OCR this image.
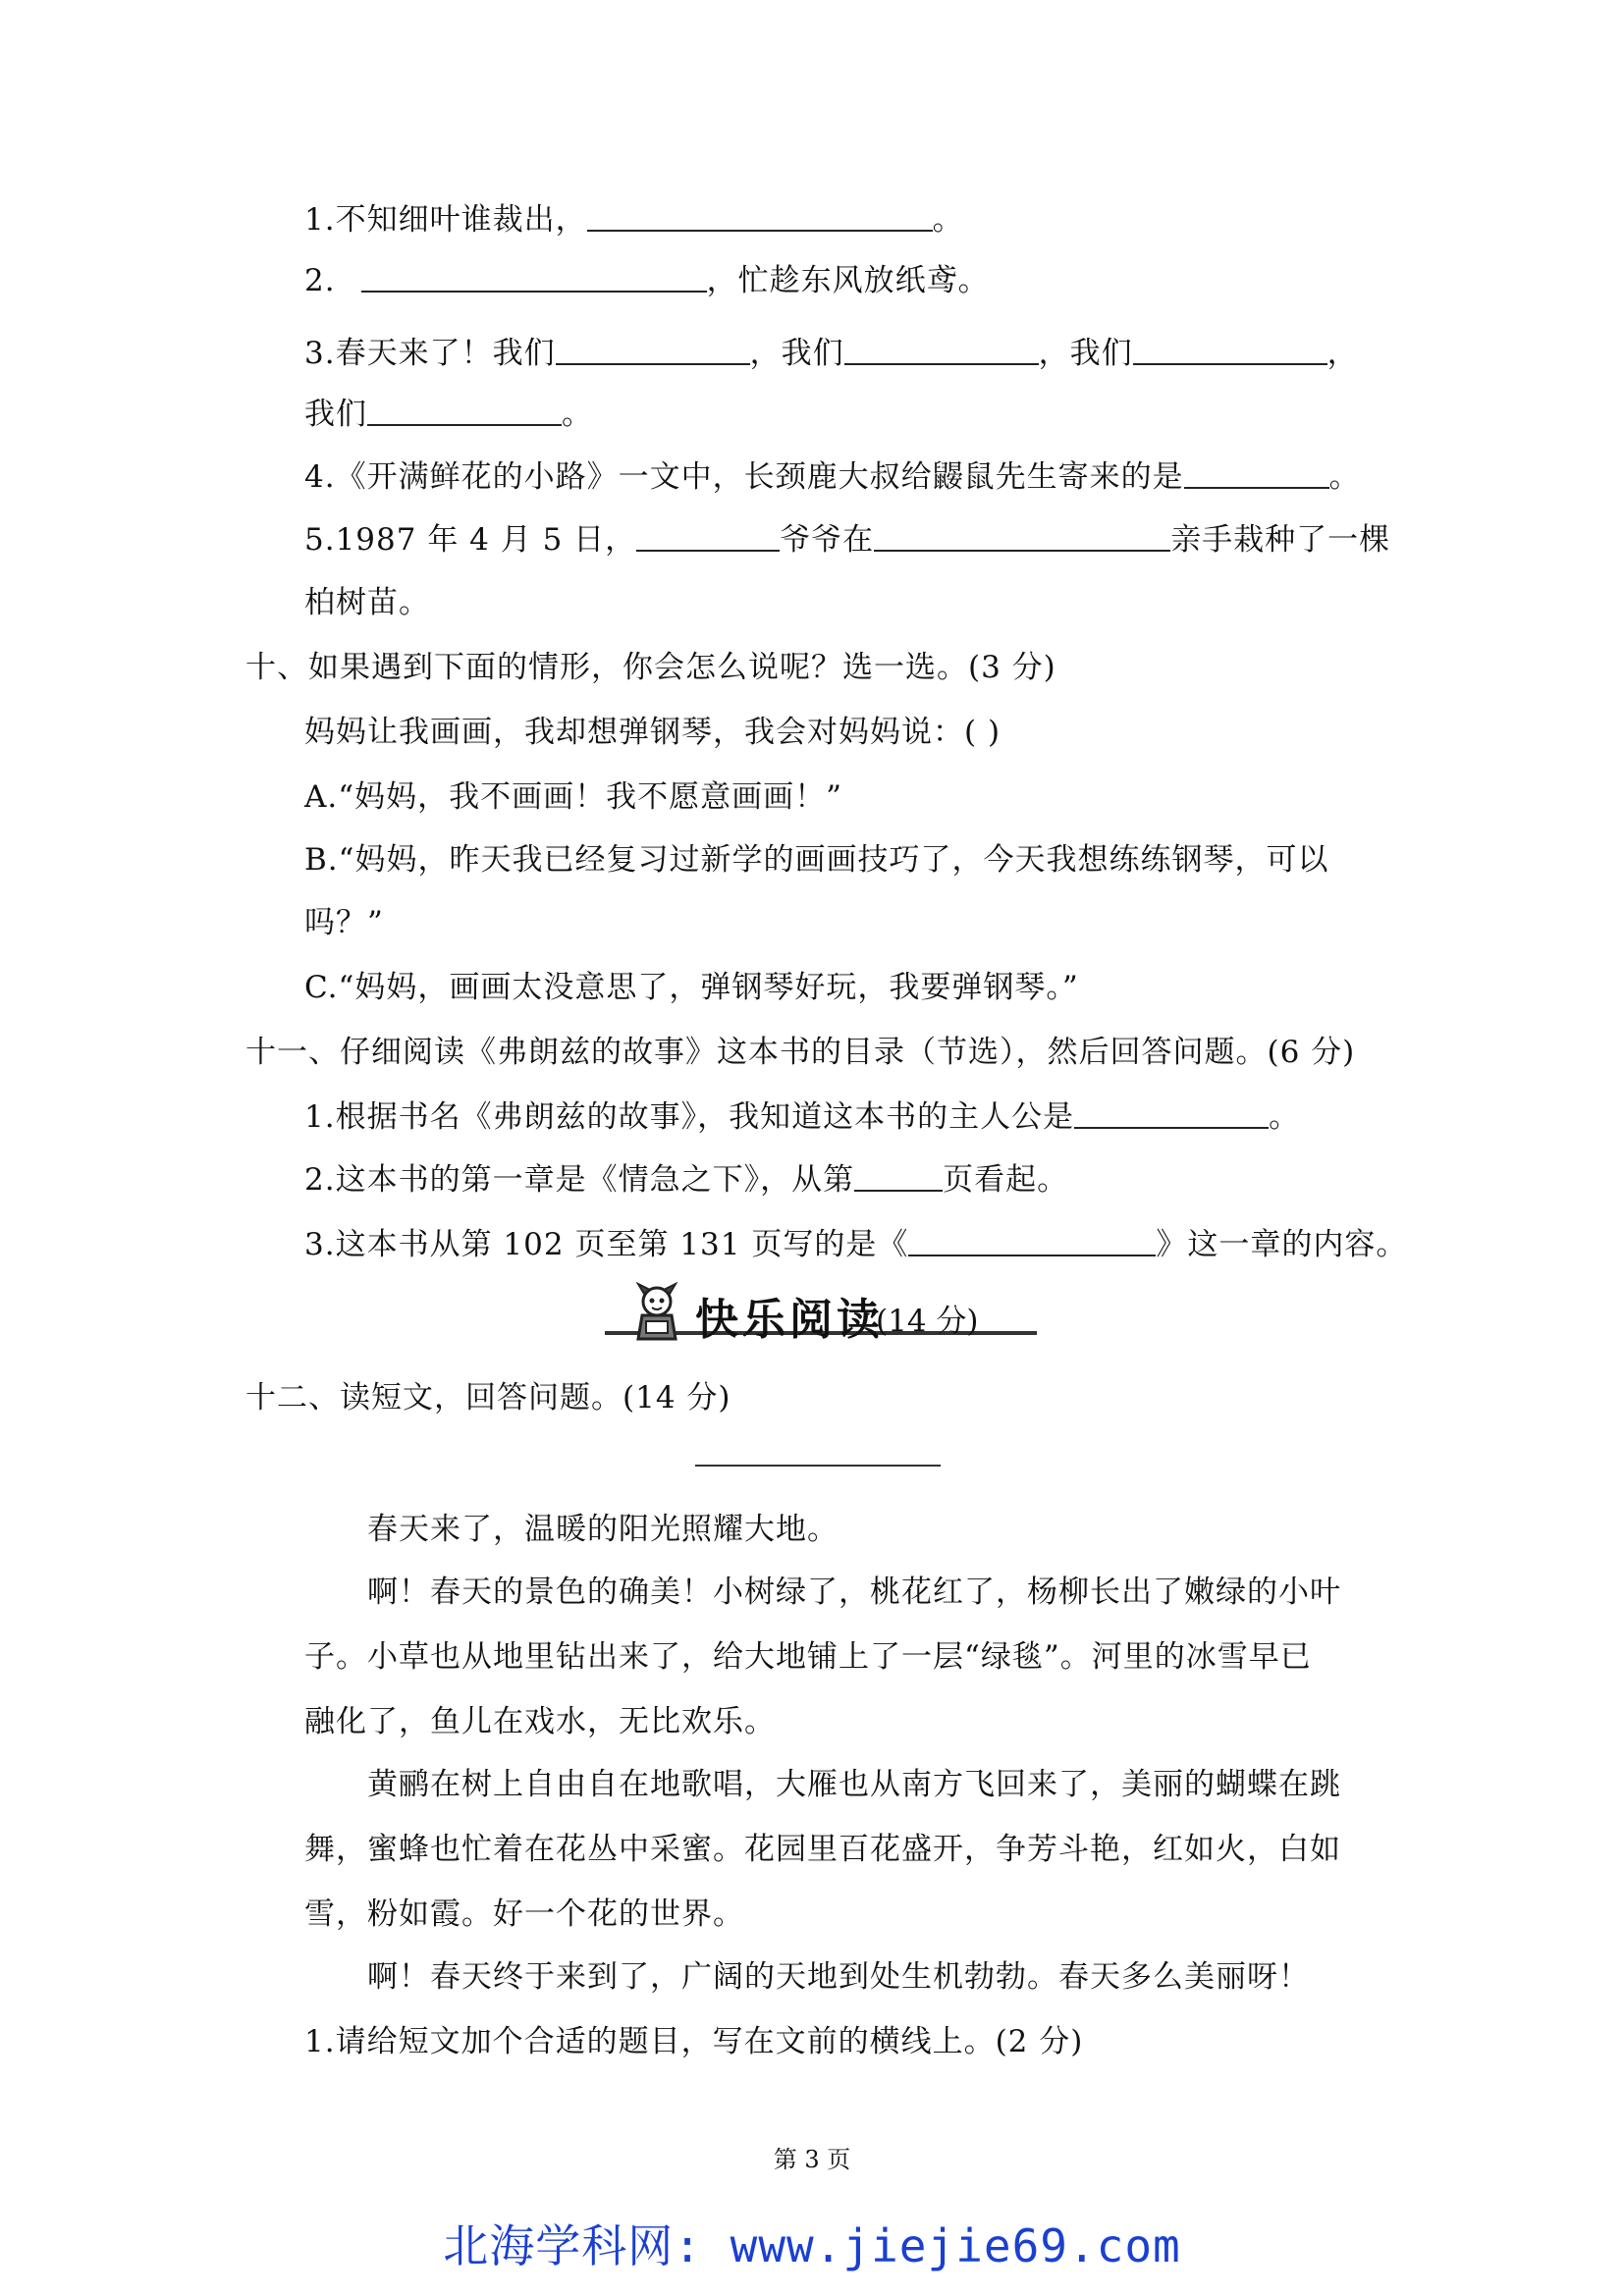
1.不知细叶谁裁出，	。
2.	，忙趁东风放纸鸢。
3.春天来了！我们	，我们	，我们	，
我们	。
4.《开满鲜花的小路》一文中，长颈鹿大叔给鼹鼠先生寄来的是	。
5.1987 年 4 月 5 日，	爷爷在	亲手栽种了一棵
柏树苗。
十、如果遇到下面的情形，你会怎么说呢？选一选。(3 分)
妈妈让我画画，我却想弹钢琴，我会对妈妈说：( )
A.“妈妈，我不画画！我不愿意画画！”
B.“妈妈，昨天我已经复习过新学的画画技巧了，今天我想练练钢琴，可以
吗？”
C.“妈妈，画画太没意思了，弹钢琴好玩，我要弹钢琴。”
十一、仔细阅读《弗朗兹的故事》这本书的目录（节选），然后回答问题。(6 分)
1.根据书名《弗朗兹的故事》，我知道这本书的主人公是	。
2.这本书的第一章是《情急之下》，从第	页看起。
3.这本书从第 102 页至第 131 页写的是《	》这一章的内容。
快乐阅读
(14 分)
十二、读短文，回答问题。(14 分)
春天来了，温暖的阳光照耀大地。
啊！春天的景色的确美！小树绿了，桃花红了，杨柳长出了嫩绿的小叶
子。小草也从地里钻出来了，给大地铺上了一层“绿毯”。河里的冰雪早已
融化了，鱼儿在戏水，无比欢乐。
黄鹂在树上自由自在地歌唱，大雁也从南方飞回来了，美丽的蝴蝶在跳
舞，蜜蜂也忙着在花丛中采蜜。花园里百花盛开，争芳斗艳，红如火，白如
雪，粉如霞。好一个花的世界。
啊！春天终于来到了，广阔的天地到处生机勃勃。春天多么美丽呀！
1.请给短文加个合适的题目，写在文前的横线上。(2 分)
第 3 页
北海学科网: www.jiejie69.com
